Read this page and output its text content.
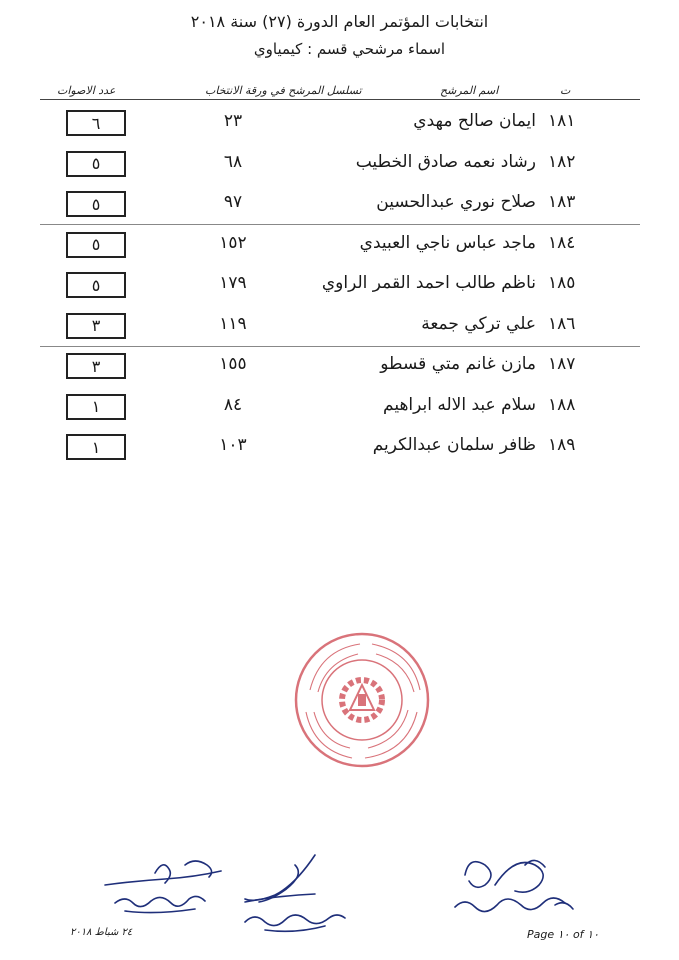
انتخابات المؤتمر العام الدورة (٢٧) سنة ٢٠١٨
اسماء مرشحي قسم : كيمياوي
ت
اسم المرشح
تسلسل المرشح في ورقة الانتخاب
عدد الاصوات
١٨١
ايمان صالح مهدي
٢٣
٦
١٨٢
رشاد نعمه صادق الخطيب
٦٨
٥
١٨٣
صلاح نوري عبدالحسين
٩٧
٥
١٨٤
ماجد عباس ناجي العبيدي
١٥٢
٥
١٨٥
ناظم طالب احمد القمر الراوي
١٧٩
٥
١٨٦
علي تركي جمعة
١١٩
٣
١٨٧
مازن غانم متي قسطو
١٥٥
٣
١٨٨
سلام عبد الاله ابراهيم
٨٤
١
١٨٩
ظافر سلمان عبدالكريم
١٠٣
١
٢٤ شباط ٢٠١٨	Page ١٠ of ١٠
